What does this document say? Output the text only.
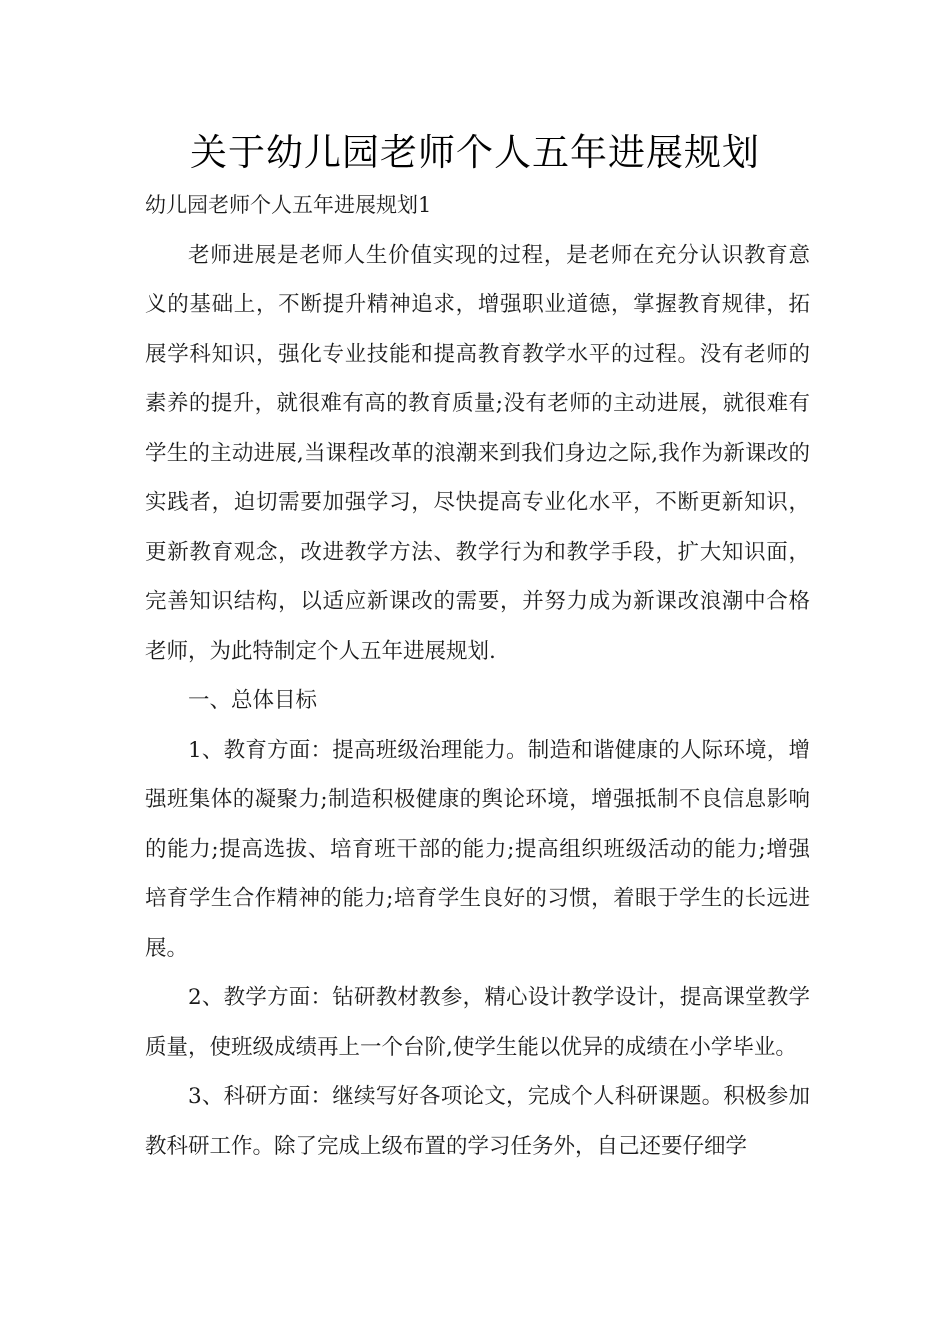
关于幼儿园老师个人五年进展规划

幼儿园老师个人五年进展规划1

老师进展是老师人生价值实现的过程，是老师在充分认识教育意义的基础上，不断提升精神追求，增强职业道德，掌握教育规律，拓展学科知识，强化专业技能和提高教育教学水平的过程。没有老师的素养的提升，就很难有高的教育质量;没有老师的主动进展，就很难有学生的主动进展,当课程改革的浪潮来到我们身边之际,我作为新课改的实践者，迫切需要加强学习，尽快提高专业化水平，不断更新知识，更新教育观念，改进教学方法、教学行为和教学手段，扩大知识面，完善知识结构，以适应新课改的需要，并努力成为新课改浪潮中合格老师，为此特制定个人五年进展规划.

一、总体目标

1、教育方面：提高班级治理能力。制造和谐健康的人际环境，增强班集体的凝聚力;制造积极健康的舆论环境，增强抵制不良信息影响的能力;提高选拔、培育班干部的能力;提高组织班级活动的能力;增强培育学生合作精神的能力;培育学生良好的习惯，着眼于学生的长远进展。

2、教学方面：钻研教材教参，精心设计教学设计，提高课堂教学质量，使班级成绩再上一个台阶,使学生能以优异的成绩在小学毕业。

3、科研方面：继续写好各项论文，完成个人科研课题。积极参加教科研工作。除了完成上级布置的学习任务外，自己还要仔细学
